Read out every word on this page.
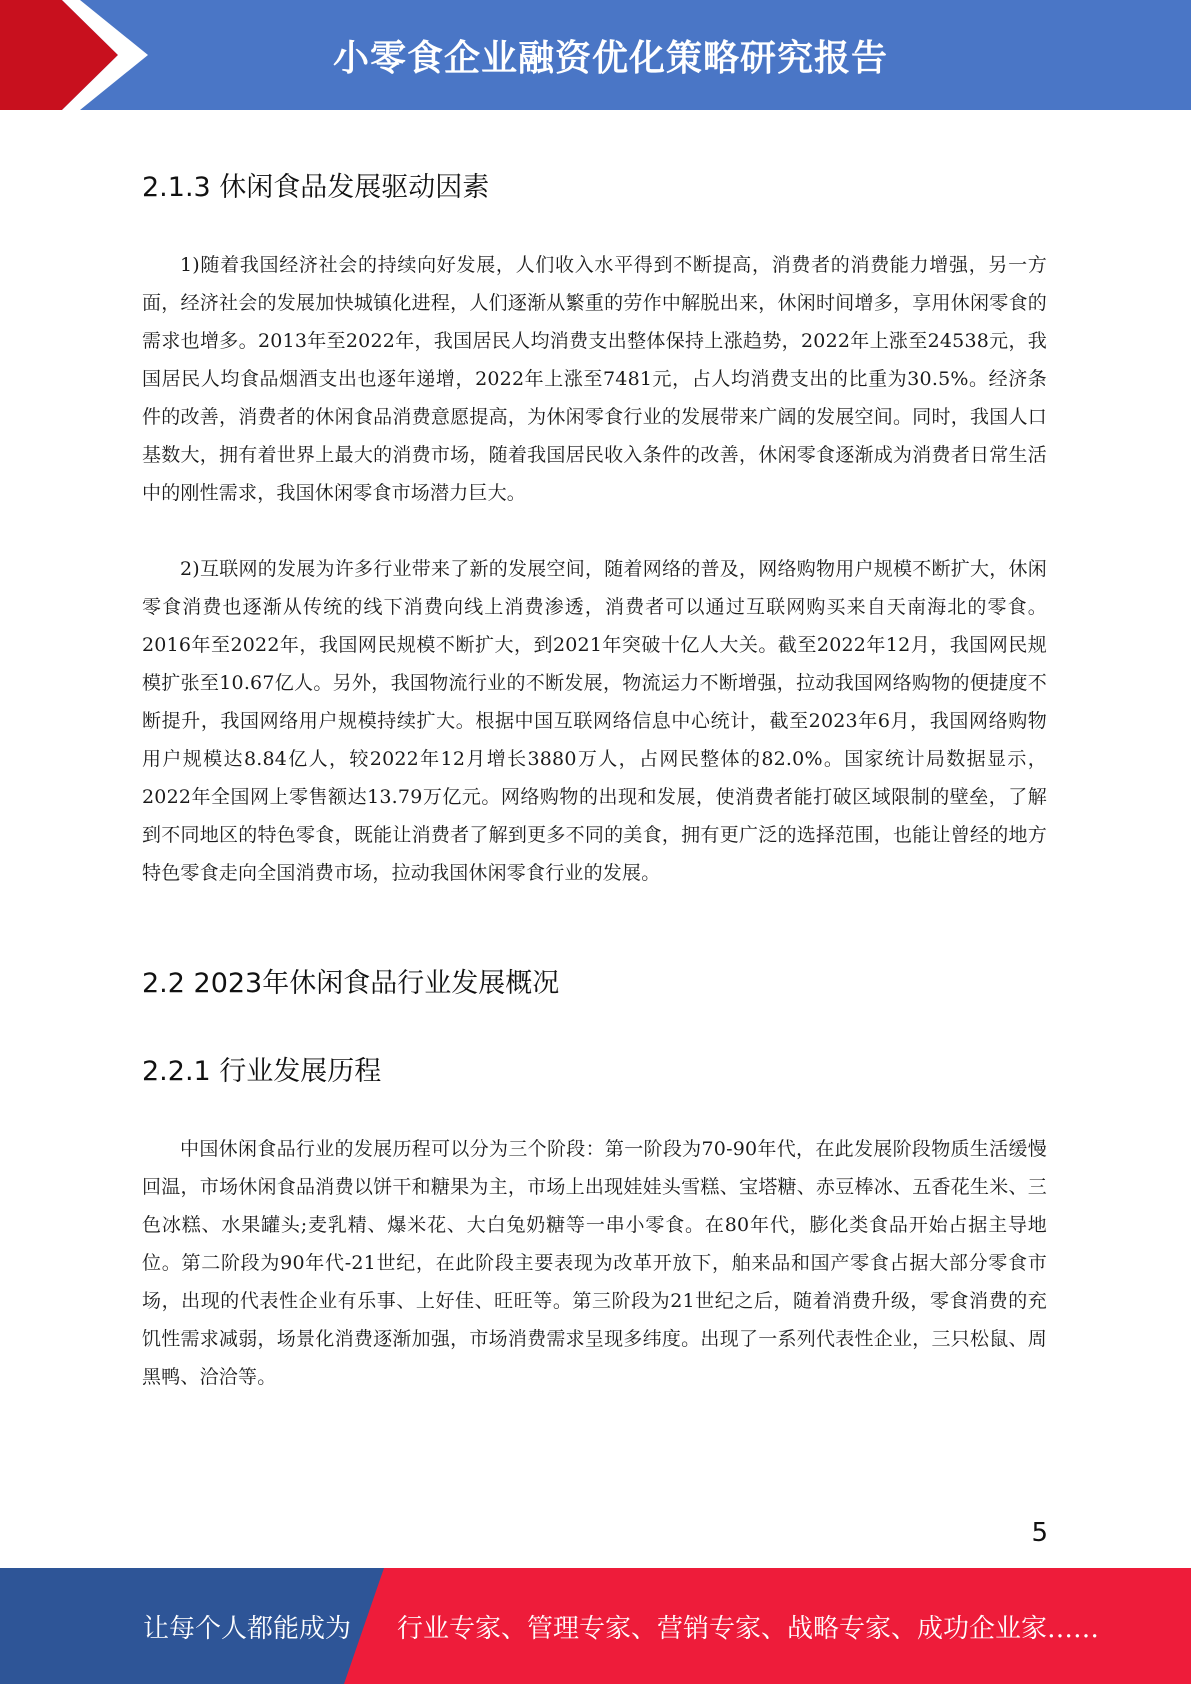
小零食企业融资优化策略研究报告
2.1.3 休闲食品发展驱动因素

1)随着我国经济社会的持续向好发展，人们收入水平得到不断提高，消费者的消费能力增强，另一方面，经济社会的发展加快城镇化进程，人们逐渐从繁重的劳作中解脱出来，休闲时间增多，享用休闲零食的需求也增多。2013年至2022年，我国居民人均消费支出整体保持上涨趋势，2022年上涨至24538元，我国居民人均食品烟酒支出也逐年递增，2022年上涨至7481元，占人均消费支出的比重为30.5%。经济条件的改善，消费者的休闲食品消费意愿提高，为休闲零食行业的发展带来广阔的发展空间。同时，我国人口基数大，拥有着世界上最大的消费市场，随着我国居民收入条件的改善，休闲零食逐渐成为消费者日常生活中的刚性需求，我国休闲零食市场潜力巨大。

2)互联网的发展为许多行业带来了新的发展空间，随着网络的普及，网络购物用户规模不断扩大，休闲零食消费也逐渐从传统的线下消费向线上消费渗透，消费者可以通过互联网购买来自天南海北的零食。2016年至2022年，我国网民规模不断扩大，到2021年突破十亿人大关。截至2022年12月，我国网民规模扩张至10.67亿人。另外，我国物流行业的不断发展，物流运力不断增强，拉动我国网络购物的便捷度不断提升，我国网络用户规模持续扩大。根据中国互联网络信息中心统计，截至2023年6月，我国网络购物用户规模达8.84亿人，较2022年12月增长3880万人，占网民整体的82.0%。国家统计局数据显示，2022年全国网上零售额达13.79万亿元。网络购物的出现和发展，使消费者能打破区域限制的壁垒，了解到不同地区的特色零食，既能让消费者了解到更多不同的美食，拥有更广泛的选择范围，也能让曾经的地方特色零食走向全国消费市场，拉动我国休闲零食行业的发展。

2.2 2023年休闲食品行业发展概况
2.2.1 行业发展历程

中国休闲食品行业的发展历程可以分为三个阶段：第一阶段为70-90年代，在此发展阶段物质生活缓慢回温，市场休闲食品消费以饼干和糖果为主，市场上出现娃娃头雪糕、宝塔糖、赤豆棒冰、五香花生米、三色冰糕、水果罐头;麦乳精、爆米花、大白兔奶糖等一串小零食。在80年代，膨化类食品开始占据主导地位。第二阶段为90年代-21世纪，在此阶段主要表现为改革开放下，舶来品和国产零食占据大部分零食市场，出现的代表性企业有乐事、上好佳、旺旺等。第三阶段为21世纪之后，随着消费升级，零食消费的充饥性需求减弱，场景化消费逐渐加强，市场消费需求呈现多纬度。出现了一系列代表性企业，三只松鼠、周黑鸭、洽洽等。

5
让每个人都能成为 行业专家、管理专家、营销专家、战略专家、成功企业家……
